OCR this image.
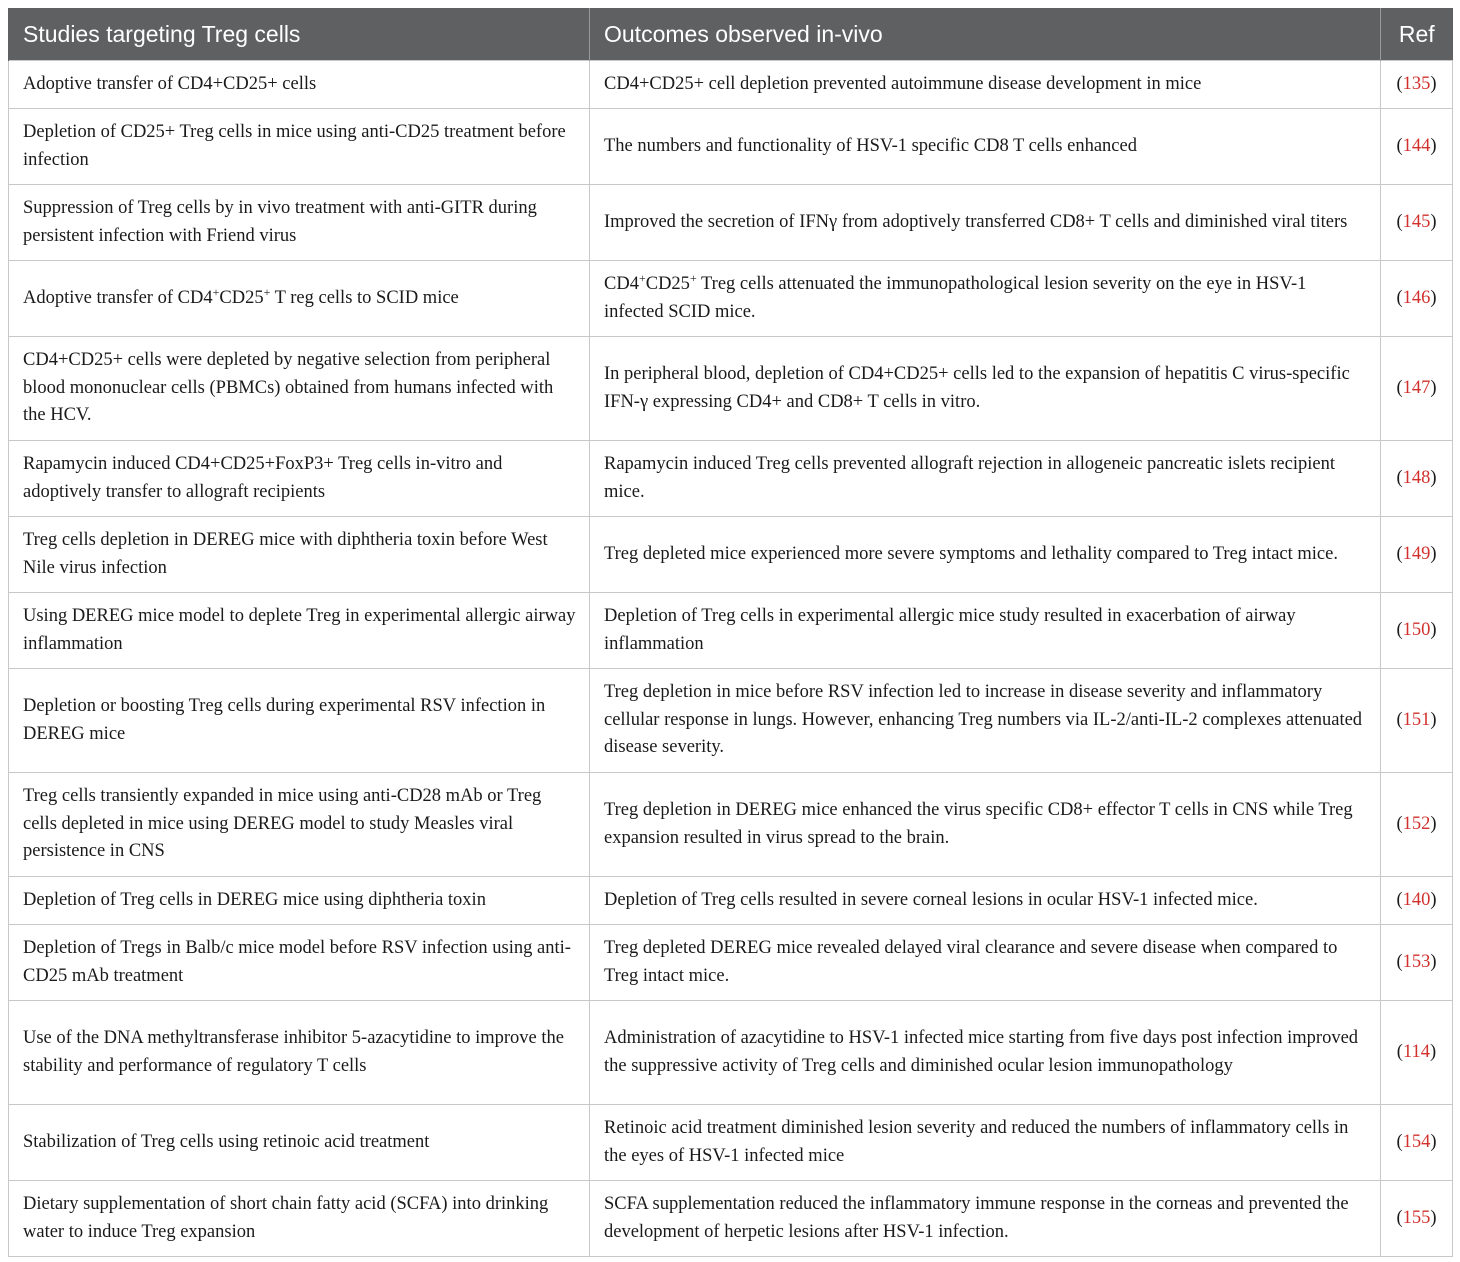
Studies targeting Treg cells	Outcomes observed in-vivo	Ref
Adoptive transfer of CD4+CD25+ cells	CD4+CD25+ cell depletion prevented autoimmune disease development in mice	(135)
Depletion of CD25+ Treg cells in mice using anti-CD25 treatment before infection	The numbers and functionality of HSV-1 specific CD8 T cells enhanced	(144)
Suppression of Treg cells by in vivo treatment with anti-GITR during persistent infection with Friend virus	Improved the secretion of IFNγ from adoptively transferred CD8+ T cells and diminished viral titers	(145)
Adoptive transfer of CD4+CD25+ T reg cells to SCID mice	CD4+CD25+ Treg cells attenuated the immunopathological lesion severity on the eye in HSV-1 infected SCID mice.	(146)
CD4+CD25+ cells were depleted by negative selection from peripheral blood mononuclear cells (PBMCs) obtained from humans infected with the HCV.	In peripheral blood, depletion of CD4+CD25+ cells led to the expansion of hepatitis C virus-specific IFN-γ expressing CD4+ and CD8+ T cells in vitro.	(147)
Rapamycin induced CD4+CD25+FoxP3+ Treg cells in-vitro and adoptively transfer to allograft recipients	Rapamycin induced Treg cells prevented allograft rejection in allogeneic pancreatic islets recipient mice.	(148)
Treg cells depletion in DEREG mice with diphtheria toxin before West Nile virus infection	Treg depleted mice experienced more severe symptoms and lethality compared to Treg intact mice.	(149)
Using DEREG mice model to deplete Treg in experimental allergic airway inflammation	Depletion of Treg cells in experimental allergic mice study resulted in exacerbation of airway inflammation	(150)
Depletion or boosting Treg cells during experimental RSV infection in DEREG mice	Treg depletion in mice before RSV infection led to increase in disease severity and inflammatory cellular response in lungs. However, enhancing Treg numbers via IL-2/anti-IL-2 complexes attenuated disease severity.	(151)
Treg cells transiently expanded in mice using anti-CD28 mAb or Treg cells depleted in mice using DEREG model to study Measles viral persistence in CNS	Treg depletion in DEREG mice enhanced the virus specific CD8+ effector T cells in CNS while Treg expansion resulted in virus spread to the brain.	(152)
Depletion of Treg cells in DEREG mice using diphtheria toxin	Depletion of Treg cells resulted in severe corneal lesions in ocular HSV-1 infected mice.	(140)
Depletion of Tregs in Balb/c mice model before RSV infection using anti-CD25 mAb treatment	Treg depleted DEREG mice revealed delayed viral clearance and severe disease when compared to Treg intact mice.	(153)
Use of the DNA methyltransferase inhibitor 5-azacytidine to improve the stability and performance of regulatory T cells	Administration of azacytidine to HSV-1 infected mice starting from five days post infection improved the suppressive activity of Treg cells and diminished ocular lesion immunopathology	(114)
Stabilization of Treg cells using retinoic acid treatment	Retinoic acid treatment diminished lesion severity and reduced the numbers of inflammatory cells in the eyes of HSV-1 infected mice	(154)
Dietary supplementation of short chain fatty acid (SCFA) into drinking water to induce Treg expansion	SCFA supplementation reduced the inflammatory immune response in the corneas and prevented the development of herpetic lesions after HSV-1 infection.	(155)
